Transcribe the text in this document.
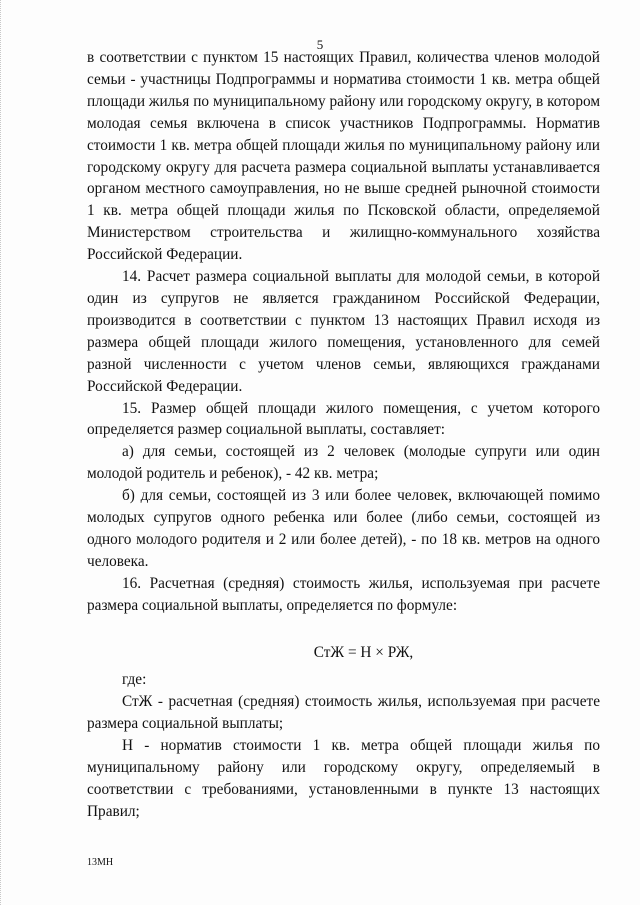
5

в соответствии с пунктом 15 настоящих Правил, количества членов молодой семьи - участницы Подпрограммы и норматива стоимости 1 кв. метра общей площади жилья по муниципальному району или городскому округу, в котором молодая семья включена в список участников Подпрограммы. Норматив стоимости 1 кв. метра общей площади жилья по муниципальному району или городскому округу для расчета размера социальной выплаты устанавливается органом местного самоуправления, но не выше средней рыночной стоимости 1 кв. метра общей площади жилья по Псковской области, определяемой Министерством строительства и жилищно-коммунального хозяйства Российской Федерации.

14. Расчет размера социальной выплаты для молодой семьи, в которой один из супругов не является гражданином Российской Федерации, производится в соответствии с пунктом 13 настоящих Правил исходя из размера общей площади жилого помещения, установленного для семей разной численности с учетом членов семьи, являющихся гражданами Российской Федерации.

15. Размер общей площади жилого помещения, с учетом которого определяется размер социальной выплаты, составляет:

а) для семьи, состоящей из 2 человек (молодые супруги или один молодой родитель и ребенок), - 42 кв. метра;

б) для семьи, состоящей из 3 или более человек, включающей помимо молодых супругов одного ребенка или более (либо семьи, состоящей из одного молодого родителя и 2 или более детей), - по 18 кв. метров на одного человека.

16. Расчетная (средняя) стоимость жилья, используемая при расчете размера социальной выплаты, определяется по формуле:

СтЖ = Н × РЖ,

где:

СтЖ - расчетная (средняя) стоимость жилья, используемая при расчете размера социальной выплаты;

Н - норматив стоимости 1 кв. метра общей площади жилья по муниципальному району или городскому округу, определяемый в соответствии с требованиями, установленными в пункте 13 настоящих Правил;

13МН
